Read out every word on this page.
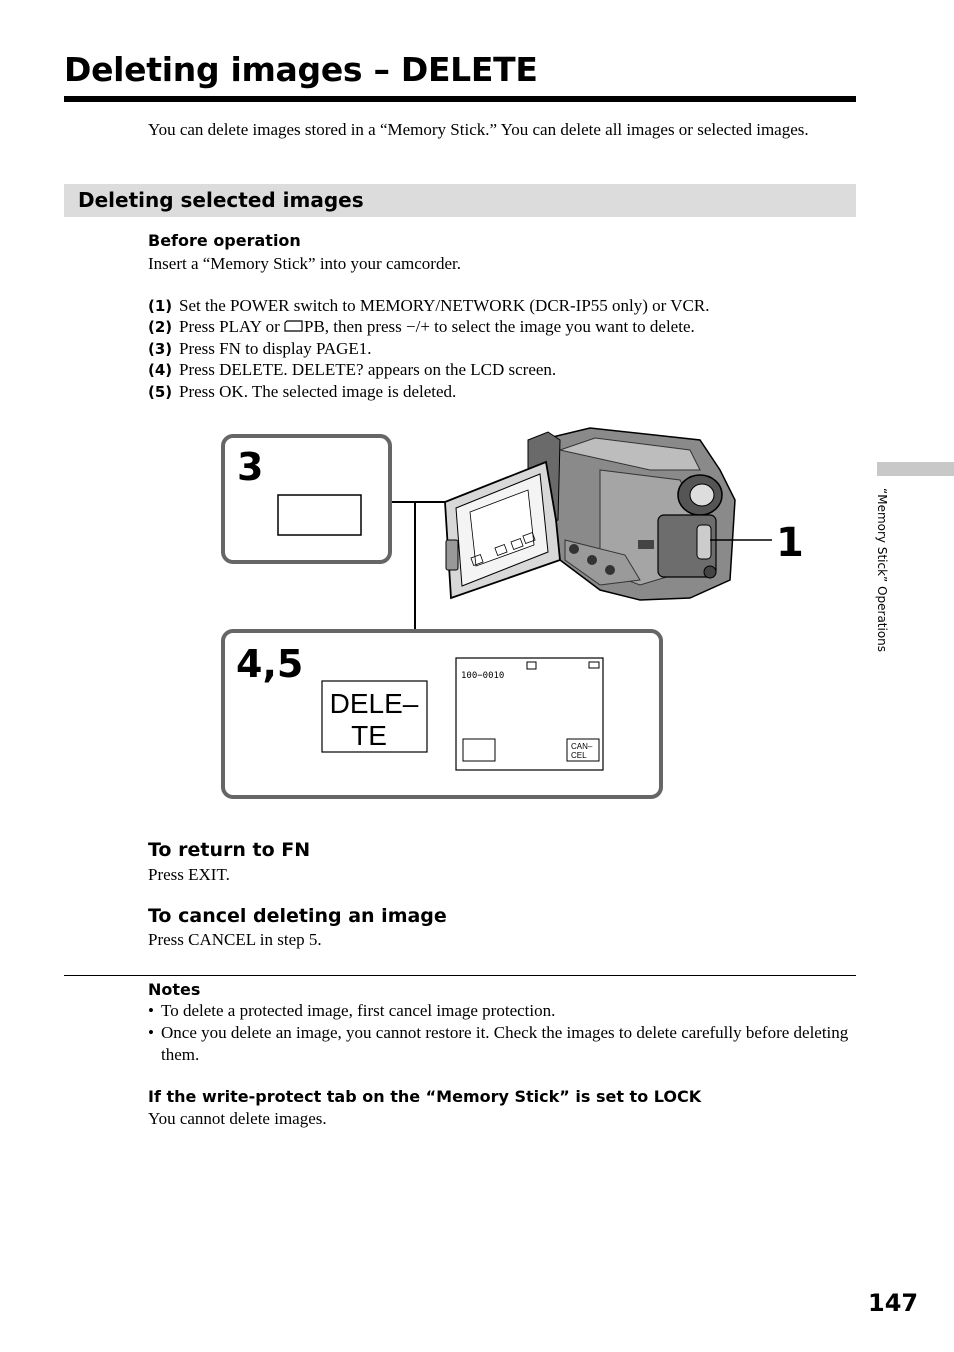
Deleting images – DELETE
You can delete images stored in a “Memory Stick.” You can delete all images or selected images.
Deleting selected images
Before operation
Insert a “Memory Stick” into your camcorder.
(1) Set the POWER switch to MEMORY/NETWORK (DCR-IP55 only) or VCR.
(2) Press PLAY or PB, then press −/+ to select the image you want to delete.
(3) Press FN to display PAGE1.
(4) Press DELETE. DELETE? appears on the LCD screen.
(5) Press OK. The selected image is deleted.
3
4,5
1
DELE–
TE
100−0010
CAN–
CEL
To return to FN
Press EXIT.
To cancel deleting an image
Press CANCEL in step 5.
Notes
• To delete a protected image, first cancel image protection.
• Once you delete an image, you cannot restore it. Check the images to delete carefully before deleting them.
If the write-protect tab on the “Memory Stick” is set to LOCK
You cannot delete images.
“Memory Stick” Operations
147
